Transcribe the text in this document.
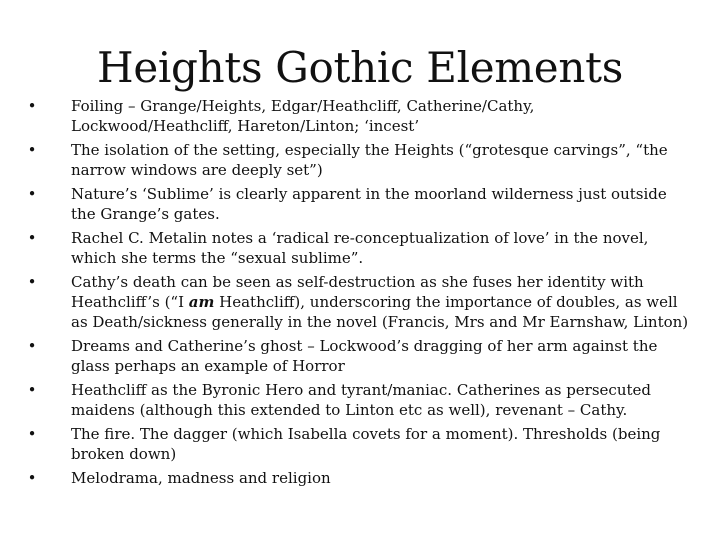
Heights Gothic Elements
• Foiling – Grange/Heights, Edgar/Heathcliff, Catherine/Cathy, Lockwood/Heathcliff, Hareton/Linton; ‘incest’
• The isolation of the setting, especially the Heights (“grotesque carvings”, “the narrow windows are deeply set”)
• Nature’s ‘Sublime’ is clearly apparent in the moorland wilderness just outside the Grange’s gates.
• Rachel C. Metalin notes a ‘radical re-conceptualization of love’ in the novel, which she terms the “sexual sublime”.
• Cathy’s death can be seen as self-destruction as she fuses her identity with Heathcliff’s (“I am Heathcliff), underscoring the importance of doubles, as well as Death/sickness generally in the novel (Francis, Mrs and Mr Earnshaw, Linton)
• Dreams and Catherine’s ghost – Lockwood’s dragging of her arm against the glass perhaps an example of Horror
• Heathcliff as the Byronic Hero and tyrant/maniac. Catherines as persecuted maidens (although this extended to Linton etc as well), revenant – Cathy.
• The fire. The dagger (which Isabella covets for a moment). Thresholds (being broken down)
• Melodrama, madness and religion
